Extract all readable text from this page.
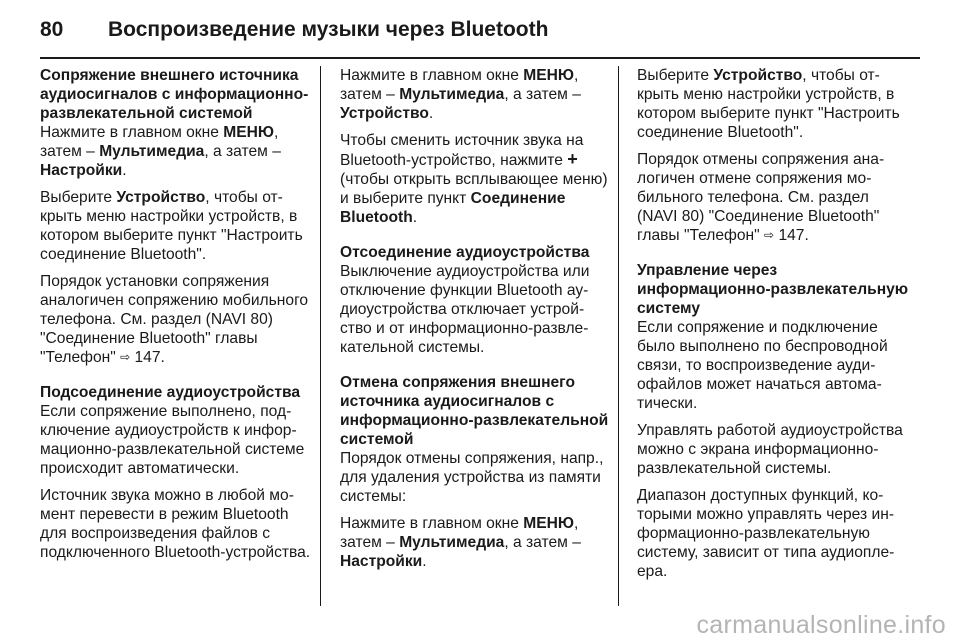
80	Воспроизведение музыки через Bluetooth
Сопряжение внешнего источника аудиосигналов с информационно-развлекательной системой

Нажмите в главном окне МЕНЮ, затем – Мультимедиа, а затем – Настройки.

Выберите Устройство, чтобы открыть меню настройки устройств, в котором выберите пункт "Настроить соединение Bluetooth".

Порядок установки сопряжения аналогичен сопряжению мобильного телефона. См. раздел (NAVI 80) "Соединение Bluetooth" главы "Телефон" ⇨ 147.

Подсоединение аудиоустройства

Если сопряжение выполнено, подключение аудиоустройств к информационно-развлекательной системе происходит автоматически.

Источник звука можно в любой момент перевести в режим Bluetooth для воспроизведения файлов с подключенного Bluetooth-устройства.

Нажмите в главном окне МЕНЮ, затем – Мультимедиа, а затем – Устройство.

Чтобы сменить источник звука на Bluetooth-устройство, нажмите + (чтобы открыть всплывающее меню) и выберите пункт Соединение Bluetooth.

Отсоединение аудиоустройства

Выключение аудиоустройства или отключение функции Bluetooth аудиоустройства отключает устройство и от информационно-развлекательной системы.

Отмена сопряжения внешнего источника аудиосигналов с информационно-развлекательной системой

Порядок отмены сопряжения, напр., для удаления устройства из памяти системы:

Нажмите в главном окне МЕНЮ, затем – Мультимедиа, а затем – Настройки.

Выберите Устройство, чтобы открыть меню настройки устройств, в котором выберите пункт "Настроить соединение Bluetooth".

Порядок отмены сопряжения аналогичен отмене сопряжения мобильного телефона. См. раздел (NAVI 80) "Соединение Bluetooth" главы "Телефон" ⇨ 147.

Управление через информационно-развлекательную систему

Если сопряжение и подключение было выполнено по беспроводной связи, то воспроизведение аудиофайлов может начаться автоматически.

Управлять работой аудиоустройства можно с экрана информационно-развлекательной системы.

Диапазон доступных функций, которыми можно управлять через информационно-развлекательную систему, зависит от типа аудиоплеера.

carmanualsonline.info
